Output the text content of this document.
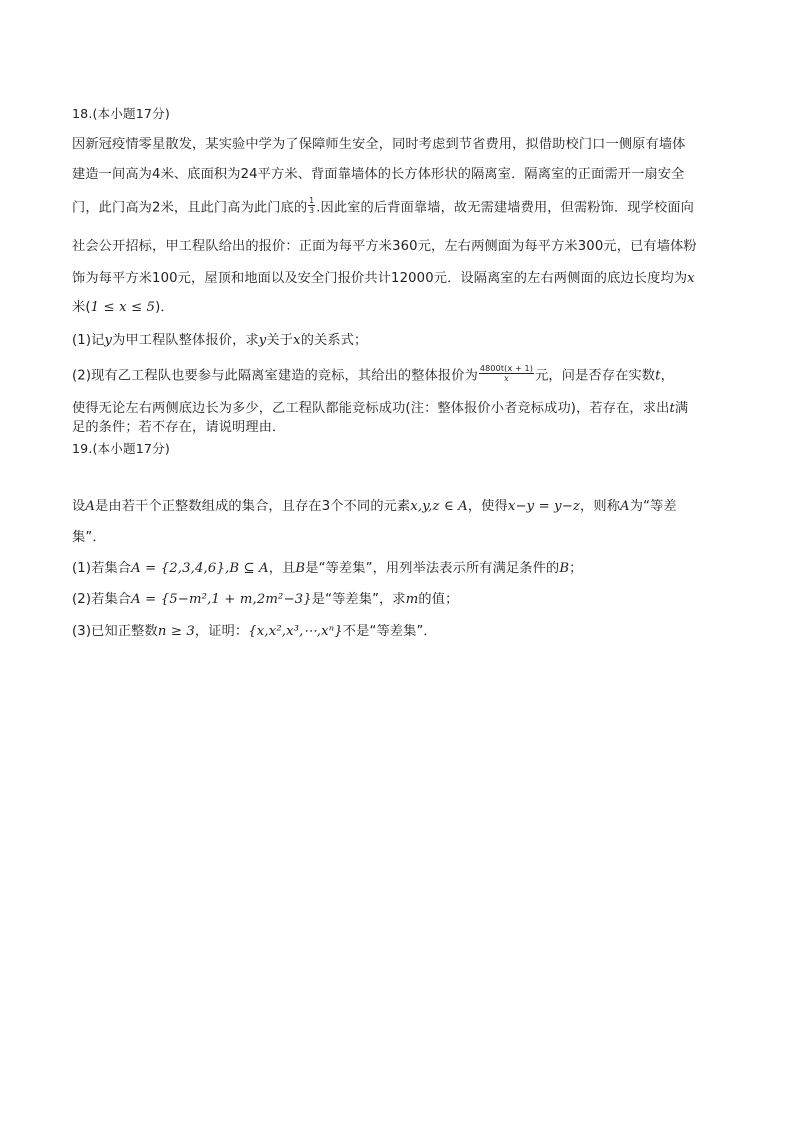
18.(本小题17分)
因新冠疫情零星散发，某实验中学为了保障师生安全，同时考虑到节省费用，拟借助校门口一侧原有墙体
建造一间高为4米、底面积为24平方米、背面靠墙体的长方体形状的隔离室．隔离室的正面需开一扇安全
门，此门高为2米，且此门高为此门底的 $\frac{1}{3}$ .因此室的后背面靠墙，故无需建墙费用，但需粉饰．现学校面向
社会公开招标，甲工程队给出的报价：正面为每平方米360元，左右两侧面为每平方米300元，已有墙体粉
饰为每平方米100元，屋顶和地面以及安全门报价共计12000元．设隔离室的左右两侧面的底边长度均为x
米(1 ≤ x ≤ 5)．
(1)记y为甲工程队整体报价，求y关于x的关系式；
(2)现有乙工程队也要参与此隔离室建造的竞标，其给出的整体报价为 $\frac{4800t(x + 1)}{x}$ 元，问是否存在实数t，
使得无论左右两侧底边长为多少，乙工程队都能竞标成功(注：整体报价小者竞标成功)，若存在，求出t满
足的条件；若不存在，请说明理由．
19.(本小题17分)
设A是由若干个正整数组成的集合，且存在3个不同的元素x,y,z ∈ A，使得x−y = y−z，则称A为“等差
集”．
(1)若集合A = {2,3,4,6},B ⊆ A，且B是“等差集”，用列举法表示所有满足条件的B；
(2)若集合A = {5−m²,1 + m,2m²−3}是“等差集”，求m的值；
(3)已知正整数n ≥ 3，证明：{x,x²,x³,⋯,xⁿ}不是“等差集”．
